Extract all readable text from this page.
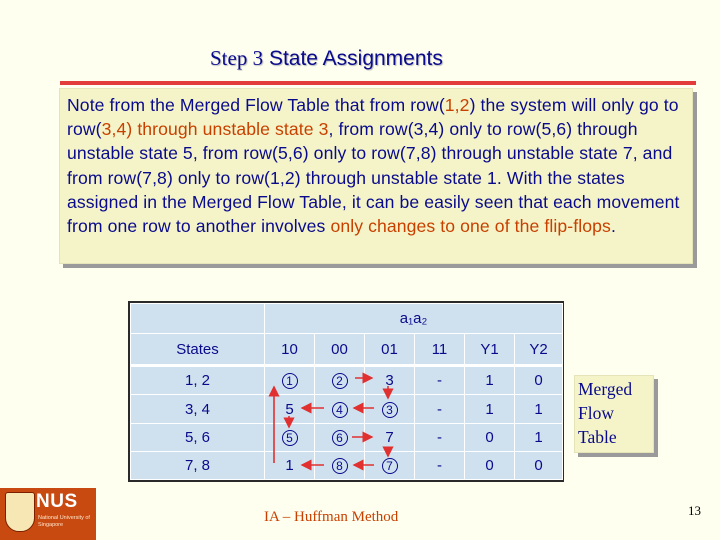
Step 3 State Assignments
Note from the Merged Flow Table that from row(1,2) the system will only go to row(3,4) through unstable state 3, from row(3,4) only to row(5,6) through unstable state 5, from row(5,6) only to row(7,8) through unstable state 7, and from row(7,8) only to row(1,2) through unstable state 1. With the states assigned in the Merged Flow Table, it can be easily seen that each movement from one row to another involves only changes to one of the flip-flops.
	a₁a₂					
States	10	00	01	11	Y1	Y2
1, 2	1	2	3	-	1	0
3, 4	5	4	3	-	1	1
5, 6	5	6	7	-	0	1
7, 8	1	8	7	-	0	0
Merged
Flow
Table
NUS
National University of Singapore	IA – Huffman Method	13
